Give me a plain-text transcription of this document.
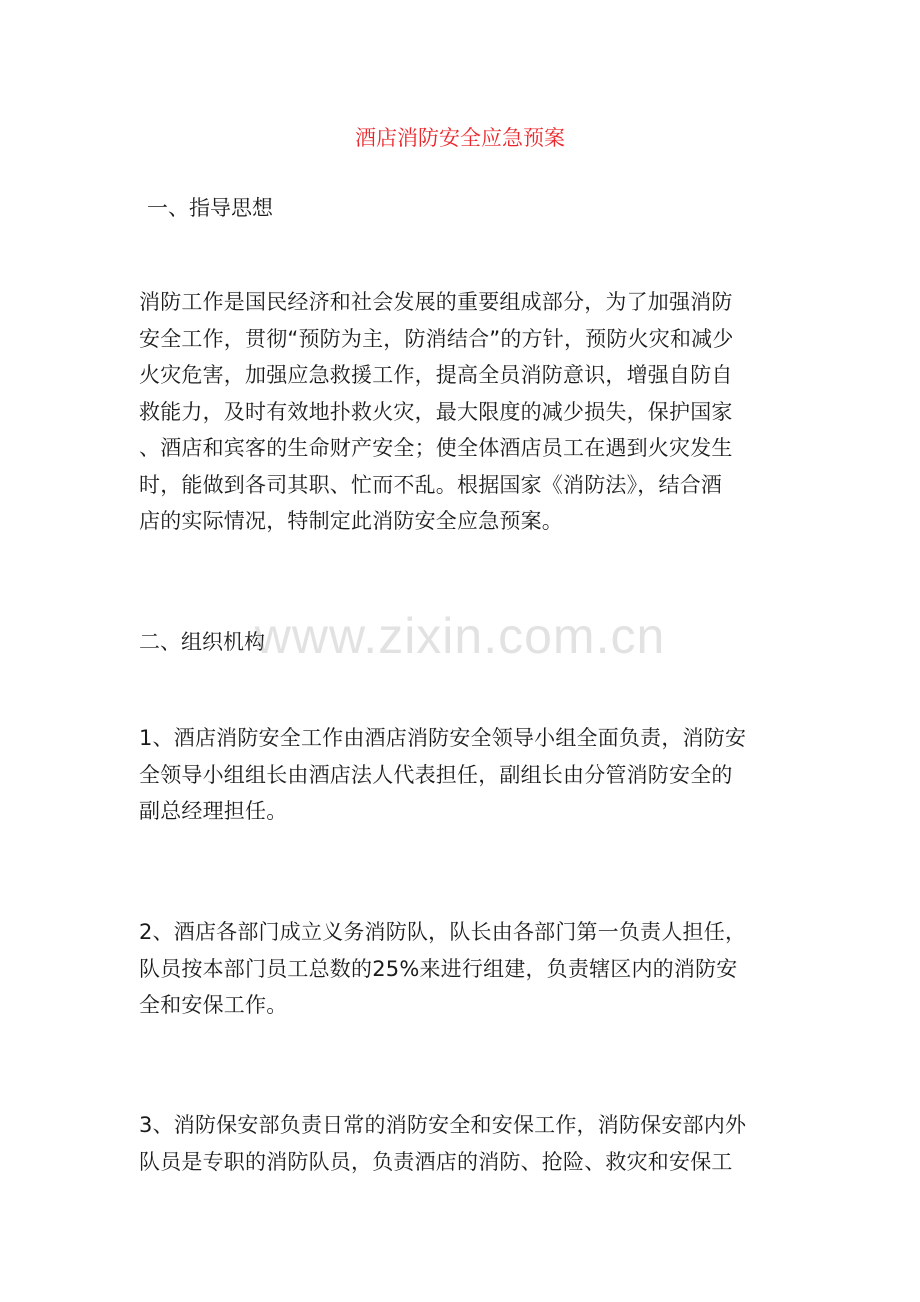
酒店消防安全应急预案
一、指导思想
消防工作是国民经济和社会发展的重要组成部分，为了加强消防
安全工作，贯彻“预防为主，防消结合”的方针，预防火灾和减少
火灾危害，加强应急救援工作，提高全员消防意识，增强自防自
救能力，及时有效地扑救火灾，最大限度的减少损失，保护国家
、酒店和宾客的生命财产安全；使全体酒店员工在遇到火灾发生
时，能做到各司其职、忙而不乱。根据国家《消防法》，结合酒
店的实际情况，特制定此消防安全应急预案。
二、组织机构
1、酒店消防安全工作由酒店消防安全领导小组全面负责，消防安
全领导小组组长由酒店法人代表担任，副组长由分管消防安全的
副总经理担任。
2、酒店各部门成立义务消防队，队长由各部门第一负责人担任，
队员按本部门员工总数的25%来进行组建，负责辖区内的消防安
全和安保工作。
3、消防保安部负责日常的消防安全和安保工作，消防保安部内外
队员是专职的消防队员，负责酒店的消防、抢险、救灾和安保工
www.zixin.com.cn
